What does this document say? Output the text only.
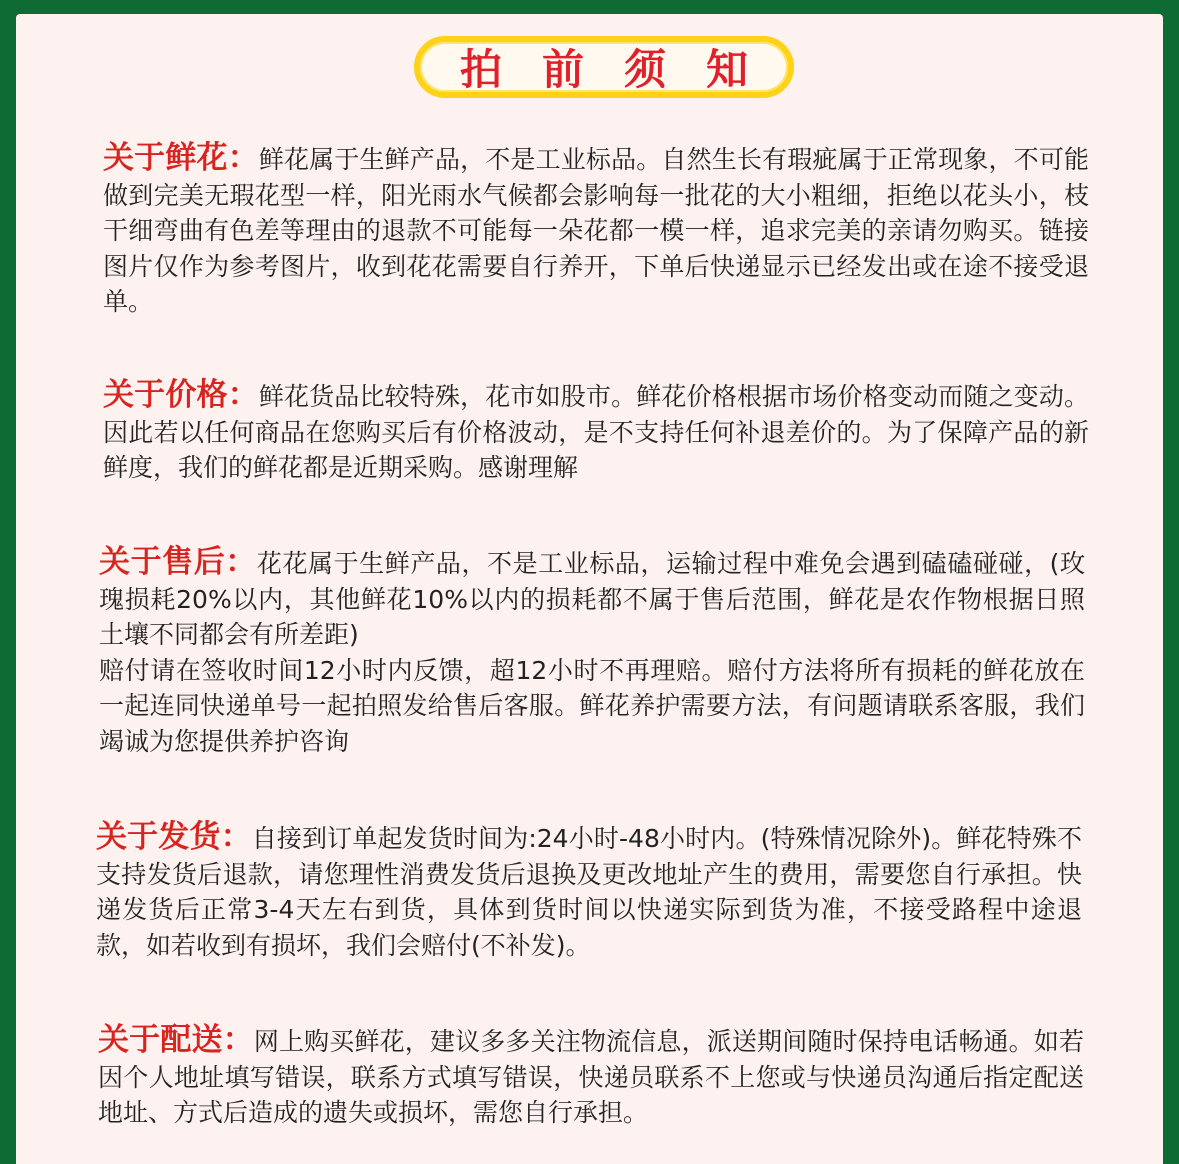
拍前须知

关于鲜花：鲜花属于生鲜产品，不是工业标品。自然生长有瑕疵属于正常现象，不可能做到完美无瑕花型一样，阳光雨水气候都会影响每一批花的大小粗细，拒绝以花头小，枝干细弯曲有色差等理由的退款不可能每一朵花都一模一样，追求完美的亲请勿购买。链接图片仅作为参考图片，收到花花需要自行养开，下单后快递显示已经发出或在途不接受退单。

关于价格：鲜花货品比较特殊，花市如股市。鲜花价格根据市场价格变动而随之变动。因此若以任何商品在您购买后有价格波动，是不支持任何补退差价的。为了保障产品的新鲜度，我们的鲜花都是近期采购。感谢理解

关于售后：花花属于生鲜产品，不是工业标品，运输过程中难免会遇到磕磕碰碰，(玫瑰损耗20%以内，其他鲜花10%以内的损耗都不属于售后范围，鲜花是农作物根据日照土壤不同都会有所差距)
赔付请在签收时间12小时内反馈，超12小时不再理赔。赔付方法将所有损耗的鲜花放在一起连同快递单号一起拍照发给售后客服。鲜花养护需要方法，有问题请联系客服，我们竭诚为您提供养护咨询

关于发货：自接到订单起发货时间为:24小时-48小时内。(特殊情况除外)。鲜花特殊不支持发货后退款，请您理性消费发货后退换及更改地址产生的费用，需要您自行承担。快递发货后正常3-4天左右到货，具体到货时间以快递实际到货为准，不接受路程中途退款，如若收到有损坏，我们会赔付(不补发)。

关于配送：网上购买鲜花，建议多多关注物流信息，派送期间随时保持电话畅通。如若因个人地址填写错误，联系方式填写错误，快递员联系不上您或与快递员沟通后指定配送地址、方式后造成的遗失或损坏，需您自行承担。
